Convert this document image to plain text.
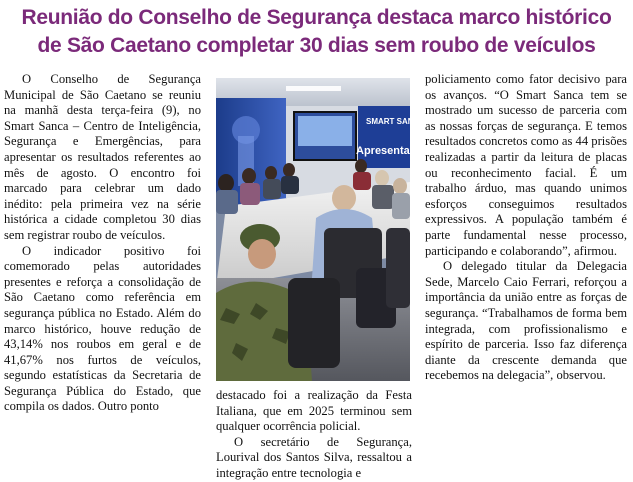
Reunião do Conselho de Segurança destaca marco histórico
de São Caetano completar 30 dias sem roubo de veículos

O Conselho de Segurança Municipal de São Caetano se reuniu na manhã desta terça-feira (9), no Smart Sanca – Centro de Inteligência, Segurança e Emergências, para apresentar os resultados referentes ao mês de agosto. O encontro foi marcado para celebrar um dado inédito: pela primeira vez na série histórica a cidade completou 30 dias sem registrar roubo de veículos.

O indicador positivo foi comemorado pelas autoridades presentes e reforça a consolidação de São Caetano como referência em segurança pública no Estado. Além do marco histórico, houve redução de 43,14% nos roubos em geral e de 41,67% nos furtos de veículos, segundo estatísticas da Secretaria de Segurança Pública do Estado, que compila os dados. Outro ponto

SMART SANCA
Apresentaç

destacado foi a realização da Festa Italiana, que em 2025 terminou sem qualquer ocorrência policial.

O secretário de Segurança, Lourival dos Santos Silva, ressaltou a integração entre tecnologia e

policiamento como fator decisivo para os avanços. “O Smart Sanca tem se mostrado um sucesso de parceria com as nossas forças de segurança. E temos resultados concretos como as 44 prisões realizadas a partir da leitura de placas ou reconhecimento facial. É um trabalho árduo, mas quando unimos esforços conseguimos resultados expressivos. A população também é parte fundamental nesse processo, participando e colaborando”, afirmou.

O delegado titular da Delegacia Sede, Marcelo Caio Ferrari, reforçou a importância da união entre as forças de segurança. “Trabalhamos de forma bem integrada, com profissionalismo e espírito de parceria. Isso faz diferença diante da crescente demanda que recebemos na delegacia”, observou.
